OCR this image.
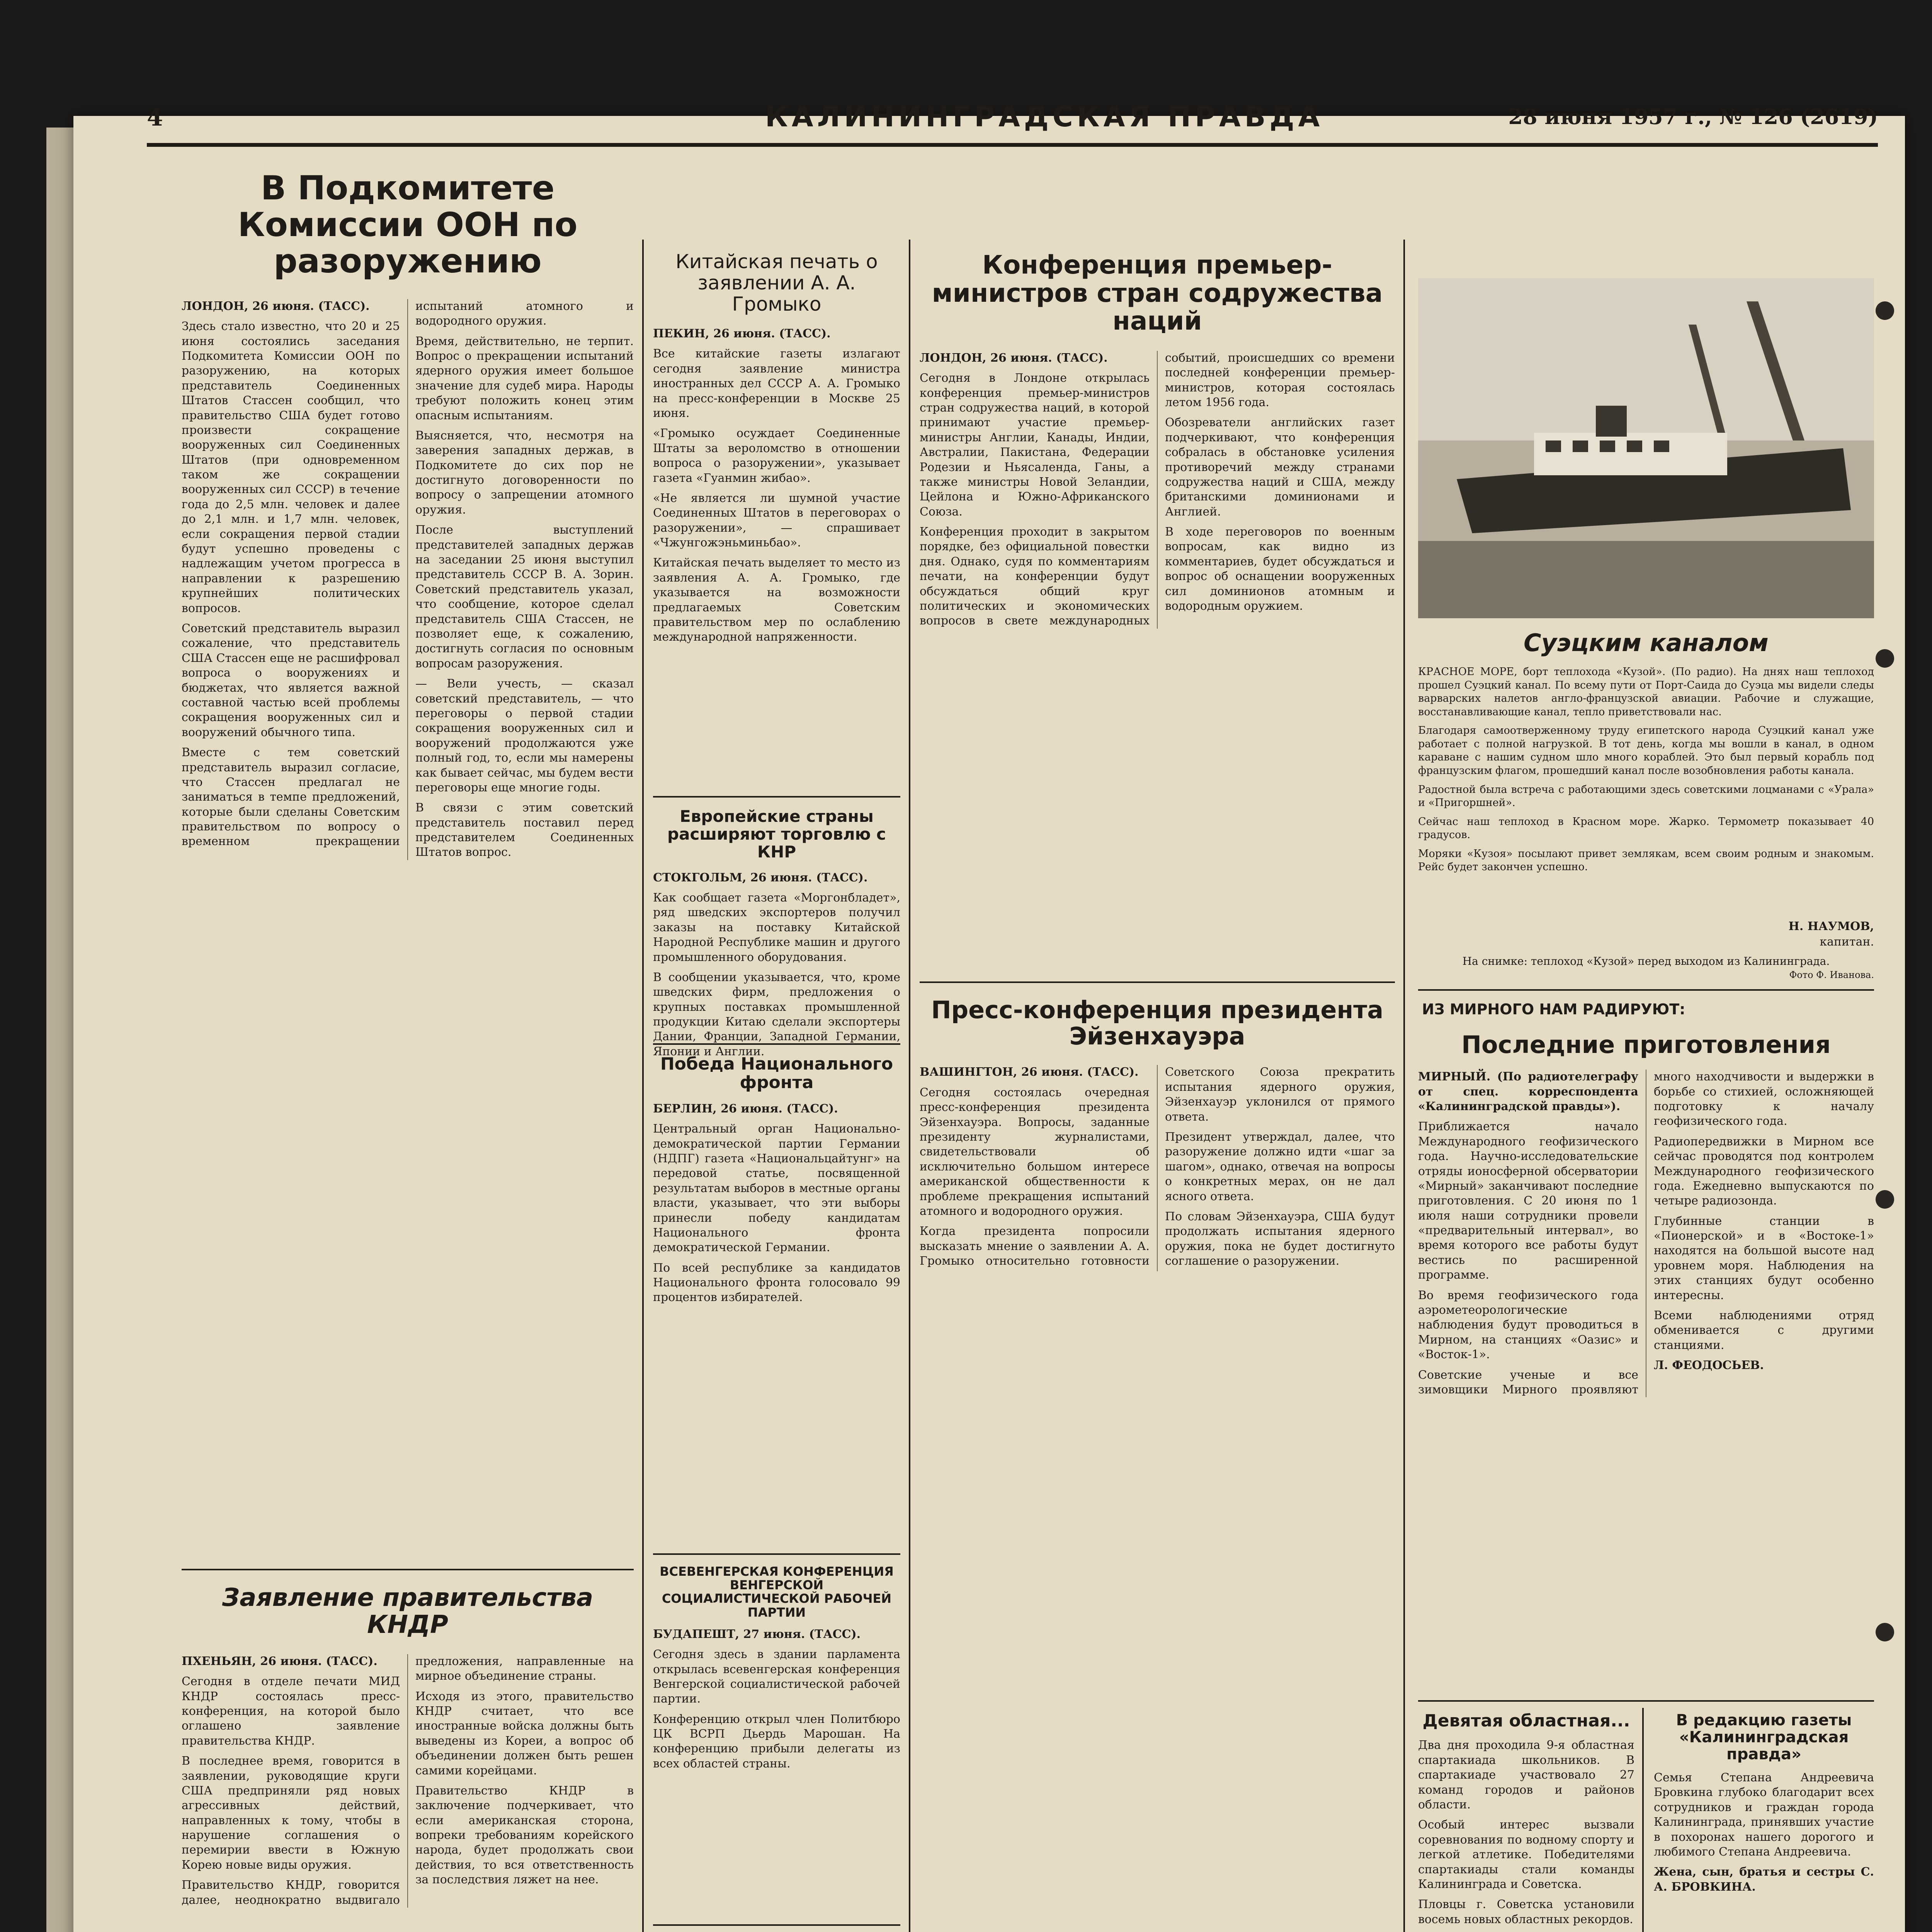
4	КАЛИНИНГРАДСКАЯ ПРАВДА	28 июня 1957 г., № 126 (2619)
В Подкомитете Комиссии ООН по разоружению

ЛОНДОН, 26 июня. (ТАСС).

Здесь стало известно, что 20 и 25 июня состоялись заседания Подкомитета Комиссии ООН по разоружению, на которых представитель Соединенных Штатов Стассен сообщил, что правительство США будет готово произвести сокращение вооруженных сил Соединенных Штатов (при одновременном таком же сокращении вооруженных сил СССР) в течение года до 2,5 млн. человек и далее до 2,1 млн. и 1,7 млн. человек, если сокращения первой стадии будут успешно проведены с надлежащим учетом прогресса в направлении к разрешению крупнейших политических вопросов.

Советский представитель выразил сожаление, что представитель США Стассен еще не расшифровал вопроса о вооружениях и бюджетах, что является важной составной частью всей проблемы сокращения вооруженных сил и вооружений обычного типа.

Вместе с тем советский представитель выразил согласие, что Стассен предлагал не заниматься в темпе предложений, которые были сделаны Советским правительством по вопросу о временном прекращении испытаний атомного и водородного оружия.

Время, действительно, не терпит. Вопрос о прекращении испытаний ядерного оружия имеет большое значение для судеб мира. Народы требуют положить конец этим опасным испытаниям.

Выясняется, что, несмотря на заверения западных держав, в Подкомитете до сих пор не достигнуто договоренности по вопросу о запрещении атомного оружия.

После выступлений представителей западных держав на заседании 25 июня выступил представитель СССР В. А. Зорин. Советский представитель указал, что сообщение, которое сделал представитель США Стассен, не позволяет еще, к сожалению, достигнуть согласия по основным вопросам разоружения.

— Вели учесть, — сказал советский представитель, — что переговоры о первой стадии сокращения вооруженных сил и вооружений продолжаются уже полный год, то, если мы намерены как бывает сейчас, мы будем вести переговоры еще многие годы.

В связи с этим советский представитель поставил перед представителем Соединенных Штатов вопрос.

Заявление правительства КНДР

ПХЕНЬЯН, 26 июня. (ТАСС).

Сегодня в отделе печати МИД КНДР состоялась пресс-конференция, на которой было оглашено заявление правительства КНДР.

В последнее время, говорится в заявлении, руководящие круги США предприняли ряд новых агрессивных действий, направленных к тому, чтобы в нарушение соглашения о перемирии ввести в Южную Корею новые виды оружия.

Правительство КНДР, говорится далее, неоднократно выдвигало предложения, направленные на мирное объединение страны.

Исходя из этого, правительство КНДР считает, что все иностранные войска должны быть выведены из Кореи, а вопрос об объединении должен быть решен самими корейцами.

Правительство КНДР в заключение подчеркивает, что если американская сторона, вопреки требованиям корейского народа, будет продолжать свои действия, то вся ответственность за последствия ляжет на нее.

Китайская печать о заявлении А. А. Громыко

ПЕКИН, 26 июня. (ТАСС).

Все китайские газеты излагают сегодня заявление министра иностранных дел СССР А. А. Громыко на пресс-конференции в Москве 25 июня.

«Громыко осуждает Соединенные Штаты за вероломство в отношении вопроса о разоружении», указывает газета «Гуанмин жибао».

«Не является ли шумной участие Соединенных Штатов в переговорах о разоружении», — спрашивает «Чжунгожэньминьбао».

Китайская печать выделяет то место из заявления А. А. Громыко, где указывается на возможности предлагаемых Советским правительством мер по ослаблению международной напряженности.

Европейские страны расширяют торговлю с КНР

СТОКГОЛЬМ, 26 июня. (ТАСС).

Как сообщает газета «Моргонбладет», ряд шведских экспортеров получил заказы на поставку Китайской Народной Республике машин и другого промышленного оборудования.

В сообщении указывается, что, кроме шведских фирм, предложения о крупных поставках промышленной продукции Китаю сделали экспортеры Дании, Франции, Западной Германии, Японии и Англии.

Победа Национального фронта

БЕРЛИН, 26 июня. (ТАСС).

Центральный орган Национально-демократической партии Германии (НДПГ) газета «Национальцайтунг» на передовой статье, посвященной результатам выборов в местные органы власти, указывает, что эти выборы принесли победу кандидатам Национального фронта демократической Германии.

По всей республике за кандидатов Национального фронта голосовало 99 процентов избирателей.

ВСЕВЕНГЕРСКАЯ КОНФЕРЕНЦИЯ ВЕНГЕРСКОЙ СОЦИАЛИСТИЧЕСКОЙ РАБОЧЕЙ ПАРТИИ

БУДАПЕШТ, 27 июня. (ТАСС).

Сегодня здесь в здании парламента открылась всевенгерская конференция Венгерской социалистической рабочей партии.

Конференцию открыл член Политбюро ЦК ВСРП Дьердь Марошан. На конференцию прибыли делегаты из всех областей страны.

Конференция премьер-министров стран содружества наций

ЛОНДОН, 26 июня. (ТАСС).

Сегодня в Лондоне открылась конференция премьер-министров стран содружества наций, в которой принимают участие премьер-министры Англии, Канады, Индии, Австралии, Пакистана, Федерации Родезии и Ньясаленда, Ганы, а также министры Новой Зеландии, Цейлона и Южно-Африканского Союза.

Конференция проходит в закрытом порядке, без официальной повестки дня. Однако, судя по комментариям печати, на конференции будут обсуждаться общий круг политических и экономических вопросов в свете международных событий, происшедших со времени последней конференции премьер-министров, которая состоялась летом 1956 года.

Обозреватели английских газет подчеркивают, что конференция собралась в обстановке усиления противоречий между странами содружества наций и США, между британскими доминионами и Англией.

В ходе переговоров по военным вопросам, как видно из комментариев, будет обсуждаться и вопрос об оснащении вооруженных сил доминионов атомным и водородным оружием.

Пресс-конференция президента Эйзенхауэра

ВАШИНГТОН, 26 июня. (ТАСС).

Сегодня состоялась очередная пресс-конференция президента Эйзенхауэра. Вопросы, заданные президенту журналистами, свидетельствовали об исключительно большом интересе американской общественности к проблеме прекращения испытаний атомного и водородного оружия.

Когда президента попросили высказать мнение о заявлении А. А. Громыко относительно готовности Советского Союза прекратить испытания ядерного оружия, Эйзенхауэр уклонился от прямого ответа.

Президент утверждал, далее, что разоружение должно идти «шаг за шагом», однако, отвечая на вопросы о конкретных мерах, он не дал ясного ответа.

По словам Эйзенхауэра, США будут продолжать испытания ядерного оружия, пока не будет достигнуто соглашение о разоружении.

Суэцким каналом

КРАСНОЕ МОРЕ, борт теплохода «Кузой». (По радио). На днях наш теплоход прошел Суэцкий канал. По всему пути от Порт-Саида до Суэца мы видели следы варварских налетов англо-французской авиации. Рабочие и служащие, восстанавливающие канал, тепло приветствовали нас.

Благодаря самоотверженному труду египетского народа Суэцкий канал уже работает с полной нагрузкой. В тот день, когда мы вошли в канал, в одном караване с нашим судном шло много кораблей. Это был первый корабль под французским флагом, прошедший канал после возобновления работы канала.

Радостной была встреча с работающими здесь советскими лоцманами с «Урала» и «Пригоршней».

Сейчас наш теплоход в Красном море. Жарко. Термометр показывает 40 градусов.

Моряки «Кузоя» посылают привет землякам, всем своим родным и знакомым. Рейс будет закончен успешно.

Н. НАУМОВ,
капитан.
На снимке: теплоход «Кузой» перед выходом из Калининграда.
Фото Ф. Иванова.
ИЗ МИРНОГО НАМ РАДИРУЮТ:
Последние приготовления

МИРНЫЙ. (По радиотелеграфу от спец. корреспондента «Калининградской правды»).

Приближается начало Международного геофизического года. Научно-исследовательские отряды ионосферной обсерватории «Мирный» заканчивают последние приготовления. С 20 июня по 1 июля наши сотрудники провели «предварительный интервал», во время которого все работы будут вестись по расширенной программе.

Во время геофизического года аэрометеорологические наблюдения будут проводиться в Мирном, на станциях «Оазис» и «Восток-1».

Советские ученые и все зимовщики Мирного проявляют много находчивости и выдержки в борьбе со стихией, осложняющей подготовку к началу геофизического года.

Радиопередвижки в Мирном все сейчас проводятся под контролем Международного геофизического года. Ежедневно выпускаются по четыре радиозонда.

Глубинные станции в «Пионерской» и в «Востоке-1» находятся на большой высоте над уровнем моря. Наблюдения на этих станциях будут особенно интересны.

Всеми наблюдениями отряд обменивается с другими станциями.

Л. ФЕОДОСЬЕВ.

Девятая областная...

Два дня проходила 9-я областная спартакиада школьников. В спартакиаде участвовало 27 команд городов и районов области.

Особый интерес вызвали соревнования по водному спорту и легкой атлетике. Победителями спартакиады стали команды Калининграда и Советска.

Пловцы г. Советска установили восемь новых областных рекордов.

В редакцию газеты «Калининградская правда»

Семья Степана Андреевича Бровкина глубоко благодарит всех сотрудников и граждан города Калининграда, принявших участие в похоронах нашего дорогого и любимого Степана Андреевича.

Жена, сын, братья и сестры С. А. БРОВКИНА.
